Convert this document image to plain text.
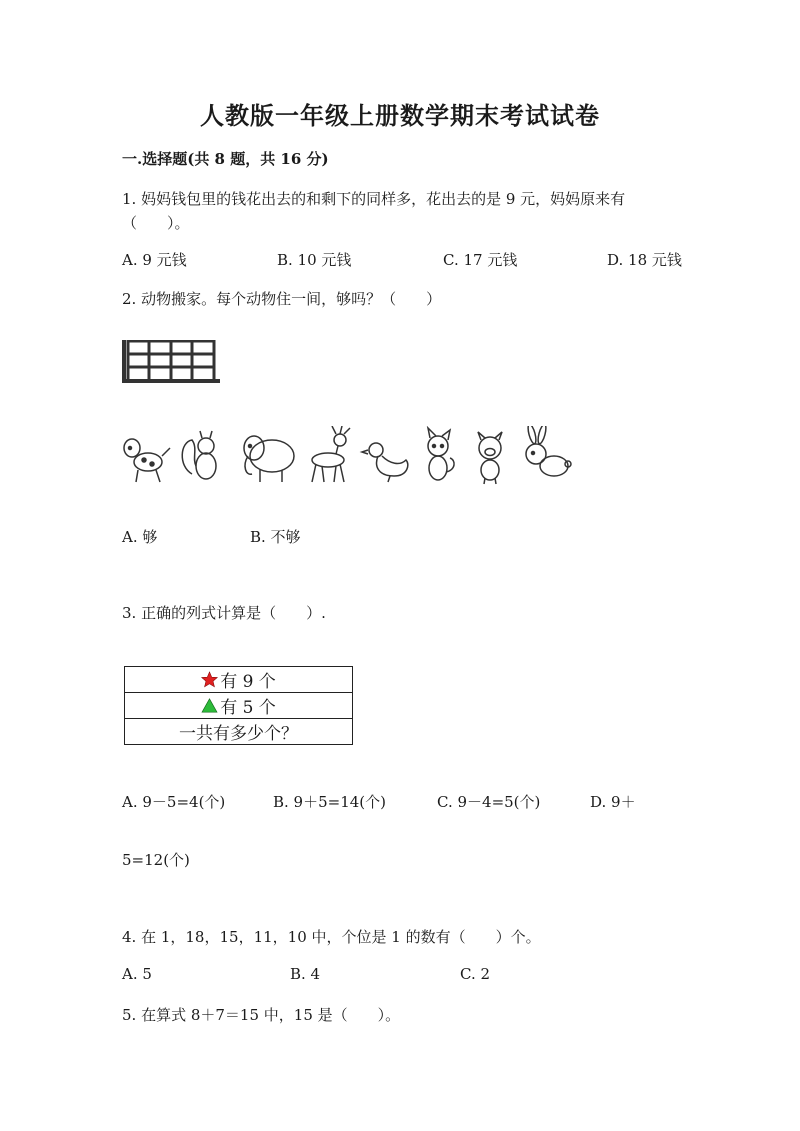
人教版一年级上册数学期末考试试卷
一.选择题(共 8 题，共 16 分)
1. 妈妈钱包里的钱花出去的和剩下的同样多，花出去的是 9 元，妈妈原来有
（　　）。
A. 9 元钱	B. 10 元钱	C. 17 元钱	D. 18 元钱
2. 动物搬家。每个动物住一间，够吗？（　　）
A. 够	B. 不够
3. 正确的列式计算是（　　）.
有 9 个
有 5 个
一共有多少个？
A. 9－5=4(个)	B. 9＋5=14(个)	C. 9－4=5(个)	D. 9＋
5=12(个)
4. 在 1，18，15，11，10 中，个位是 1 的数有（　　）个。
A. 5	B. 4	C. 2
5. 在算式 8＋7＝15 中，15 是（　　）。
